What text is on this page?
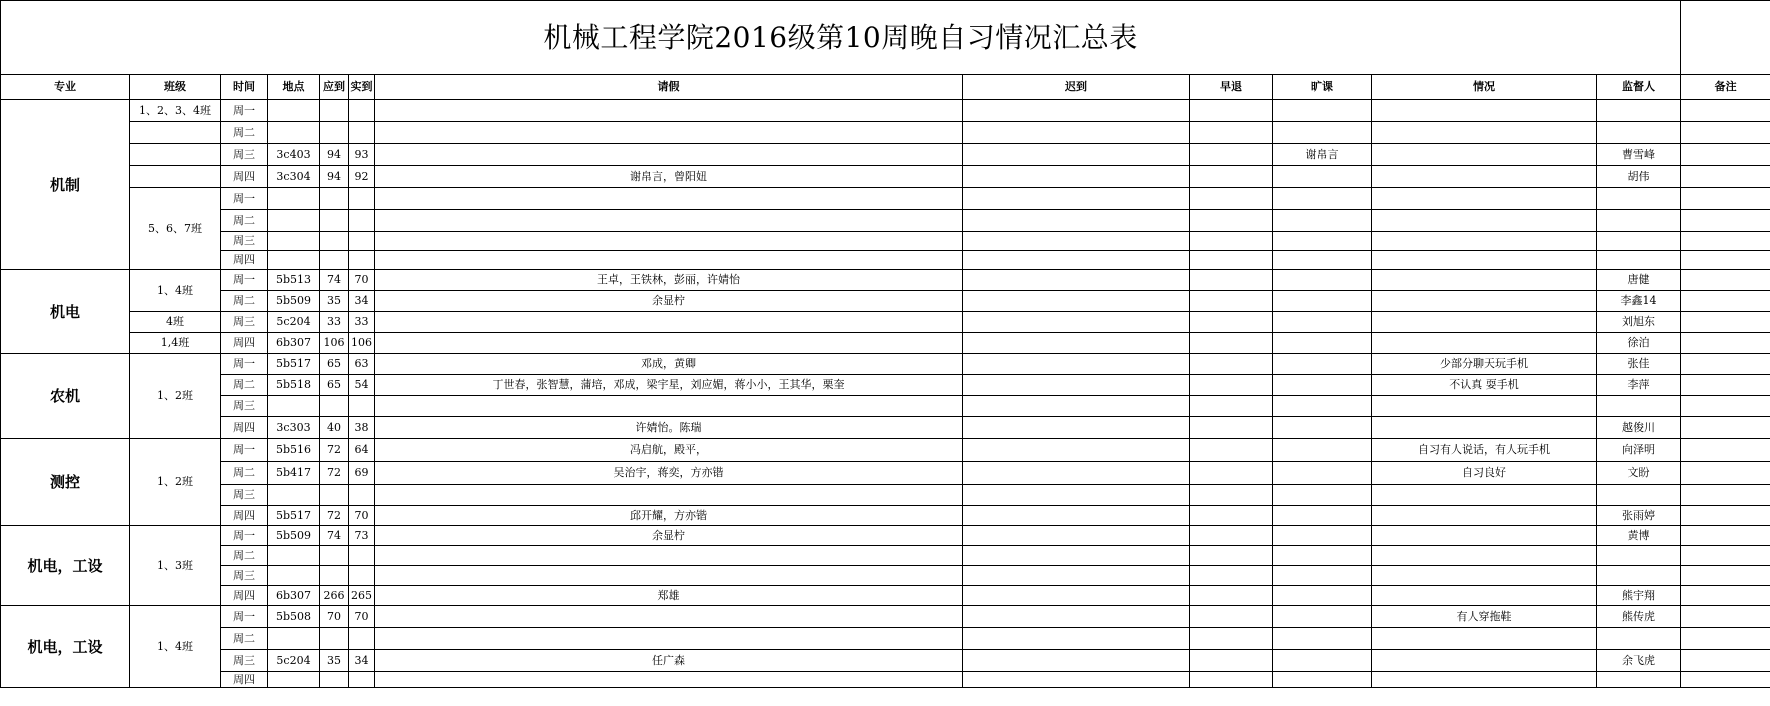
机械工程学院2016级第10周晚自习情况汇总表												
专业	班级	时间	地点	应到	实到	请假	迟到	早退	旷课	情况	监督人	备注
机制	1、2、3、4班	周一										
		周二										
		周三	3c403	94	93				谢帛言		曹雪峰	
		周四	3c304	94	92	谢帛言，曾阳妞					胡伟	
	5、6、7班	周一										
		周二										
		周三										
		周四										
机电	1、4班	周一	5b513	74	70	王卓，王铁林，彭丽，许婧怡					唐健	
		周二	5b509	35	34	余显柠					李鑫14	
	4班	周三	5c204	33	33						刘旭东	
	1,4班	周四	6b307	106	106						徐泊	
农机	1、2班	周一	5b517	65	63	邓成，黄卿				少部分聊天玩手机	张佳	
		周二	5b518	65	54	丁世春，张智慧，蒲培，邓成，梁宇星，刘应媚，蒋小小，王其华，栗奎				不认真 耍手机	李萍	
		周三										
		周四	3c303	40	38	许婧怡。陈瑞					越俊川	
测控	1、2班	周一	5b516	72	64	冯启航，殿平，				自习有人说话，有人玩手机	向泽明	
		周二	5b417	72	69	吴治宇，蒋奕，方亦锴				自习良好	文盼	
		周三										
		周四	5b517	72	70	邱开耀，方亦锴					张雨婷	
机电，工设	1、3班	周一	5b509	74	73	余显柠					黄博	
		周二										
		周三										
		周四	6b307	266	265	郑雄					熊宇翔	
机电，工设	1、4班	周一	5b508	70	70					有人穿拖鞋	熊传虎	
		周二										
		周三	5c204	35	34	任广森					余飞虎	
		周四										
